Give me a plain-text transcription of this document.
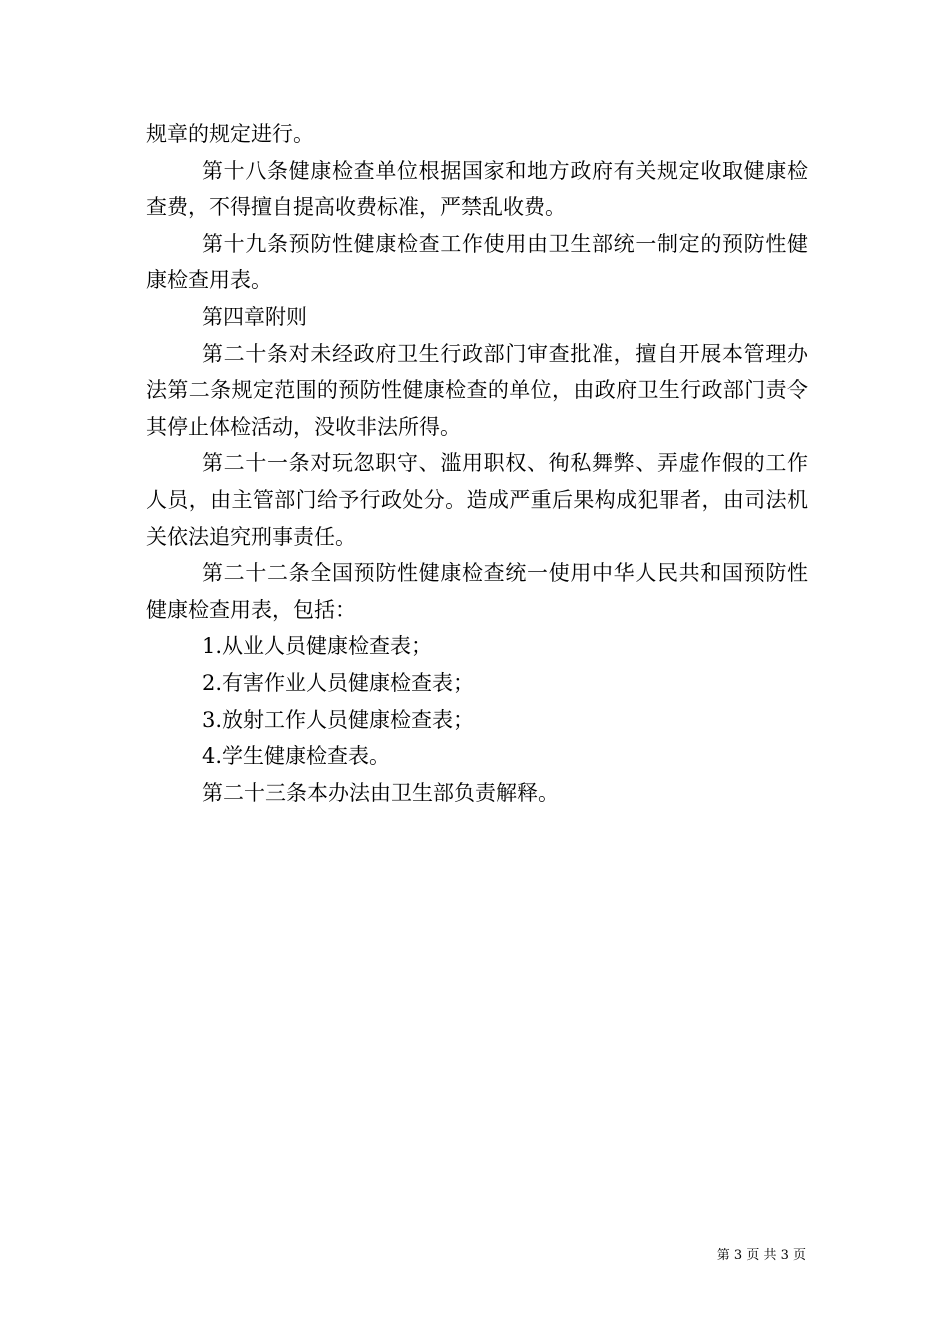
规章的规定进行。

第十八条健康检查单位根据国家和地方政府有关规定收取健康检查费，不得擅自提高收费标准，严禁乱收费。

第十九条预防性健康检查工作使用由卫生部统一制定的预防性健康检查用表。

第四章附则

第二十条对未经政府卫生行政部门审查批准，擅自开展本管理办法第二条规定范围的预防性健康检查的单位，由政府卫生行政部门责令其停止体检活动，没收非法所得。

第二十一条对玩忽职守、滥用职权、徇私舞弊、弄虚作假的工作人员，由主管部门给予行政处分。造成严重后果构成犯罪者，由司法机关依法追究刑事责任。

第二十二条全国预防性健康检查统一使用中华人民共和国预防性健康检查用表，包括：

1.从业人员健康检查表；

2.有害作业人员健康检查表；

3.放射工作人员健康检查表；

4.学生健康检查表。

第二十三条本办法由卫生部负责解释。

第 3 页 共 3 页
